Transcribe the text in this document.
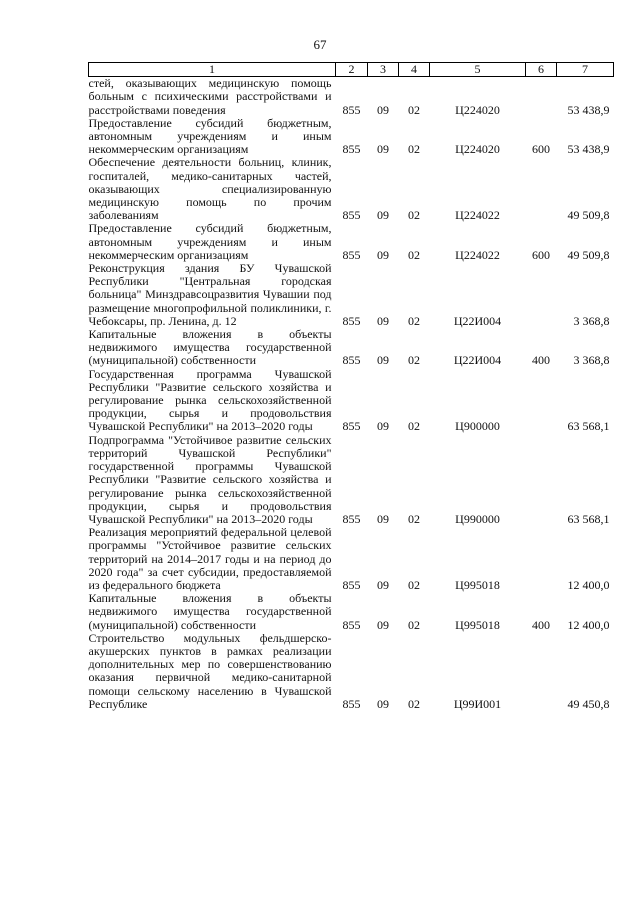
67
1	2	3	4	5	6	7
стей, оказывающих медицинскую помощь больным с психическими расстройствами и расстройствами поведения	855	09	02	Ц224020		53 438,9
Предоставление субсидий бюджетным, автономным учреждениям и иным некоммерческим организациям	855	09	02	Ц224020	600	53 438,9
Обеспечение деятельности больниц, клиник, госпиталей, медико-санитарных частей, оказывающих специализированную медицинскую помощь по прочим заболеваниям	855	09	02	Ц224022		49 509,8
Предоставление субсидий бюджетным, автономным учреждениям и иным некоммерческим организациям	855	09	02	Ц224022	600	49 509,8
Реконструкция здания БУ Чувашской Республики "Центральная городская больница" Минздравсоцразвития Чувашии под размещение многопрофильной поликлиники, г. Чебоксары, пр. Ленина, д. 12	855	09	02	Ц22И004		3 368,8
Капитальные вложения в объекты недвижимого имущества государственной (муниципальной) собственности	855	09	02	Ц22И004	400	3 368,8
Государственная программа Чувашской Республики "Развитие сельского хозяйства и регулирование рынка сельскохозяйственной продукции, сырья и продовольствия Чувашской Республики" на 2013–2020 годы	855	09	02	Ц900000		63 568,1
Подпрограмма "Устойчивое развитие сельских территорий Чувашской Республики" государственной программы Чувашской Республики "Развитие сельского хозяйства и регулирование рынка сельскохозяйственной продукции, сырья и продовольствия Чувашской Республики" на 2013–2020 годы	855	09	02	Ц990000		63 568,1
Реализация мероприятий федеральной целевой программы "Устойчивое развитие сельских территорий на 2014–2017 годы и на период до 2020 года" за счет субсидии, предоставляемой из федерального бюджета	855	09	02	Ц995018		12 400,0
Капитальные вложения в объекты недвижимого имущества государственной (муниципальной) собственности	855	09	02	Ц995018	400	12 400,0
Строительство модульных фельдшерско-акушерских пунктов в рамках реализации дополнительных мер по совершенствованию оказания первичной медико-санитарной помощи сельскому населению в Чувашской Республике	855	09	02	Ц99И001		49 450,8
